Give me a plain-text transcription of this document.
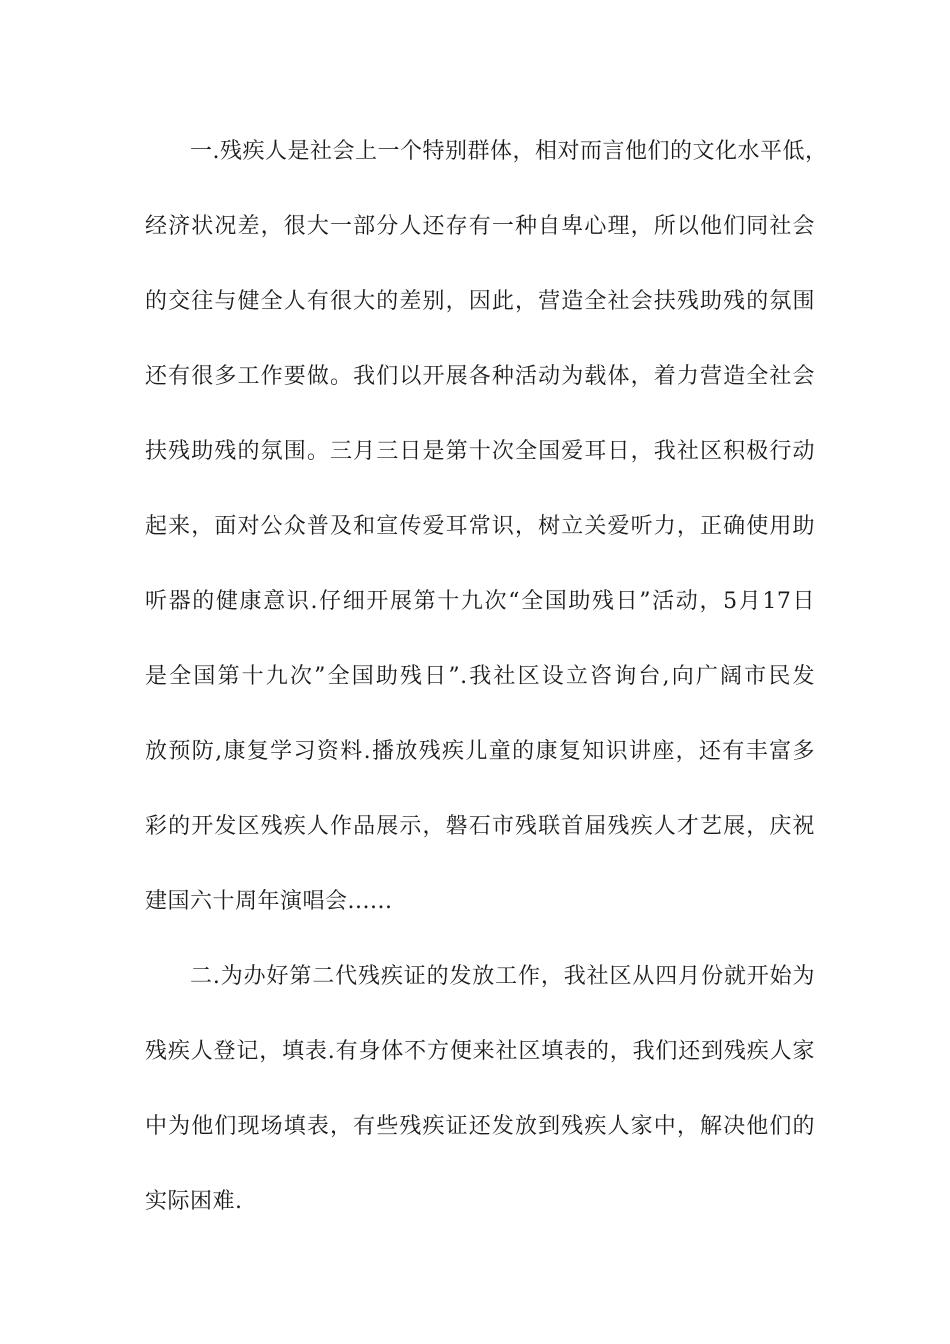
一.残疾人是社会上一个特别群体，相对而言他们的文化水平低，
经济状况差，很大一部分人还存有一种自卑心理，所以他们同社会
的交往与健全人有很大的差别，因此，营造全社会扶残助残的氛围
还有很多工作要做。我们以开展各种活动为载体，着力营造全社会
扶残助残的氛围。三月三日是第十次全国爱耳日，我社区积极行动
起来，面对公众普及和宣传爱耳常识，树立关爱听力，正确使用助
听器的健康意识.仔细开展第十九次“全国助残日”活动，5月17日
是全国第十九次”全国助残日”.我社区设立咨询台,向广阔市民发
放预防,康复学习资料.播放残疾儿童的康复知识讲座，还有丰富多
彩的开发区残疾人作品展示，磐石市残联首届残疾人才艺展，庆祝
建国六十周年演唱会......
二.为办好第二代残疾证的发放工作，我社区从四月份就开始为
残疾人登记，填表.有身体不方便来社区填表的，我们还到残疾人家
中为他们现场填表，有些残疾证还发放到残疾人家中，解决他们的
实际困难.
